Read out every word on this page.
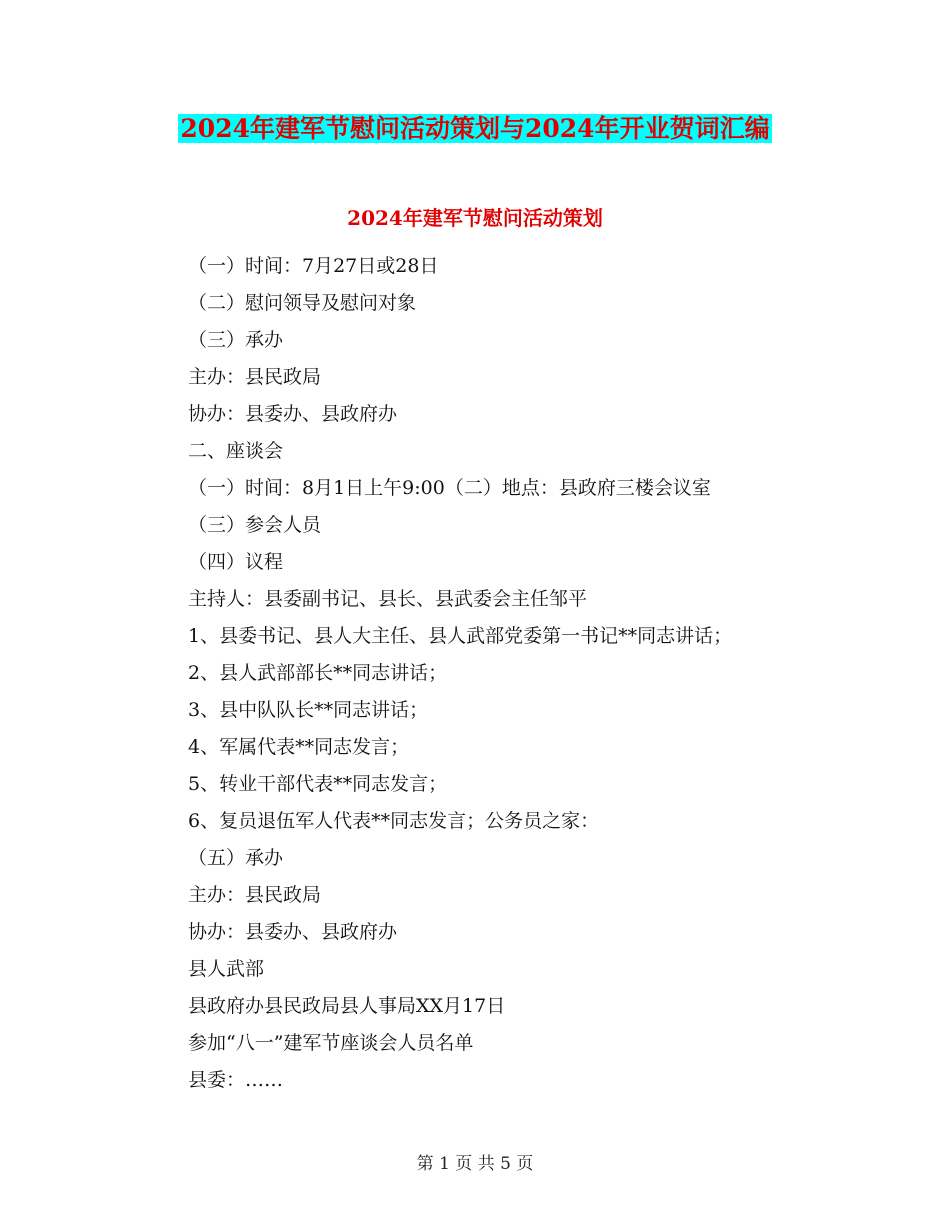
2024年建军节慰问活动策划与2024年开业贺词汇编
2024年建军节慰问活动策划
（一）时间：7月27日或28日
（二）慰问领导及慰问对象
（三）承办
主办：县民政局
协办：县委办、县政府办
二、座谈会
（一）时间：8月1日上午9:00（二）地点：县政府三楼会议室
（三）参会人员
（四）议程
主持人：县委副书记、县长、县武委会主任邹平
1、县委书记、县人大主任、县人武部党委第一书记**同志讲话；
2、县人武部部长**同志讲话；
3、县中队队长**同志讲话；
4、军属代表**同志发言；
5、转业干部代表**同志发言；
6、复员退伍军人代表**同志发言；公务员之家：
（五）承办
主办：县民政局
协办：县委办、县政府办
县人武部
县政府办县民政局县人事局XX月17日
参加“八一”建军节座谈会人员名单
县委：……
第 1 页 共 5 页
